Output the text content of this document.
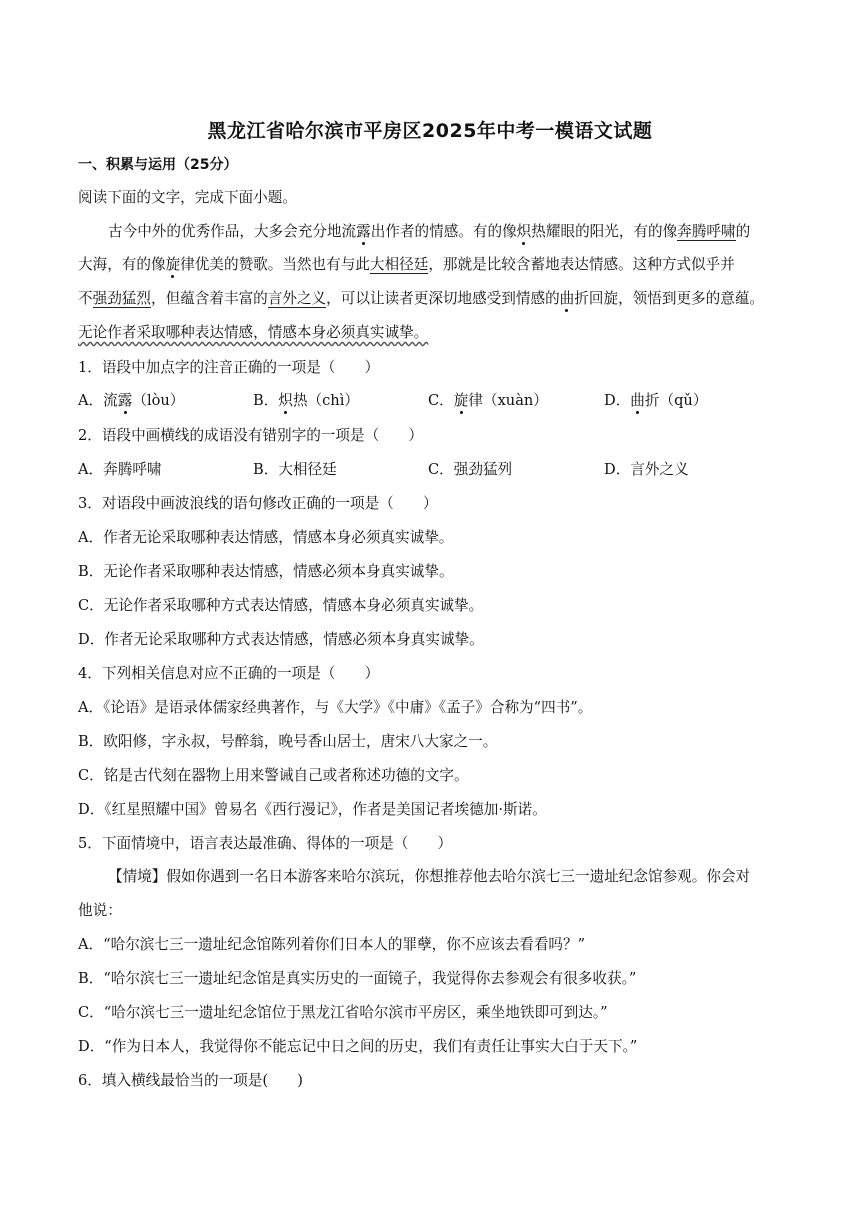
黑龙江省哈尔滨市平房区2025年中考一模语文试题
一、积累与运用（25分）
阅读下面的文字，完成下面小题。
古今中外的优秀作品，大多会充分地流露出作者的情感。有的像炽热耀眼的阳光，有的像奔腾呼啸的
大海，有的像旋律优美的赞歌。当然也有与此大相径廷，那就是比较含蓄地表达情感。这种方式似乎并
不强劲猛烈，但蕴含着丰富的言外之义，可以让读者更深切地感受到情感的曲折回旋，领悟到更多的意蕴。
无论作者采取哪种表达情感，情感本身必须真实诚挚。
1．语段中加点字的注音正确的一项是（　　）
A．流露（lòu）	B．炽热（chì）	C．旋律（xuàn）	D．曲折（qǔ）
2．语段中画横线的成语没有错别字的一项是（　　）
A．奔腾呼啸	B．大相径廷	C．强劲猛列	D．言外之义
3．对语段中画波浪线的语句修改正确的一项是（　　）
A．作者无论采取哪种表达情感，情感本身必须真实诚挚。
B．无论作者采取哪种表达情感，情感必须本身真实诚挚。
C．无论作者采取哪种方式表达情感，情感本身必须真实诚挚。
D．作者无论采取哪种方式表达情感，情感必须本身真实诚挚。
4．下列相关信息对应不正确的一项是（　　）
A．《论语》是语录体儒家经典著作，与《大学》《中庸》《孟子》合称为“四书”。
B．欧阳修，字永叔，号醉翁，晚号香山居士，唐宋八大家之一。
C．铭是古代刻在器物上用来警诫自己或者称述功德的文字。
D．《红星照耀中国》曾易名《西行漫记》，作者是美国记者埃德加·斯诺。
5．下面情境中，语言表达最准确、得体的一项是（　　）
【情境】假如你遇到一名日本游客来哈尔滨玩，你想推荐他去哈尔滨七三一遗址纪念馆参观。你会对
他说：
A．“哈尔滨七三一遗址纪念馆陈列着你们日本人的罪孽，你不应该去看看吗？”
B．“哈尔滨七三一遗址纪念馆是真实历史的一面镜子，我觉得你去参观会有很多收获。”
C．“哈尔滨七三一遗址纪念馆位于黑龙江省哈尔滨市平房区，乘坐地铁即可到达。”
D．“作为日本人，我觉得你不能忘记中日之间的历史，我们有责任让事实大白于天下。”
6．填入横线最恰当的一项是(　　)
